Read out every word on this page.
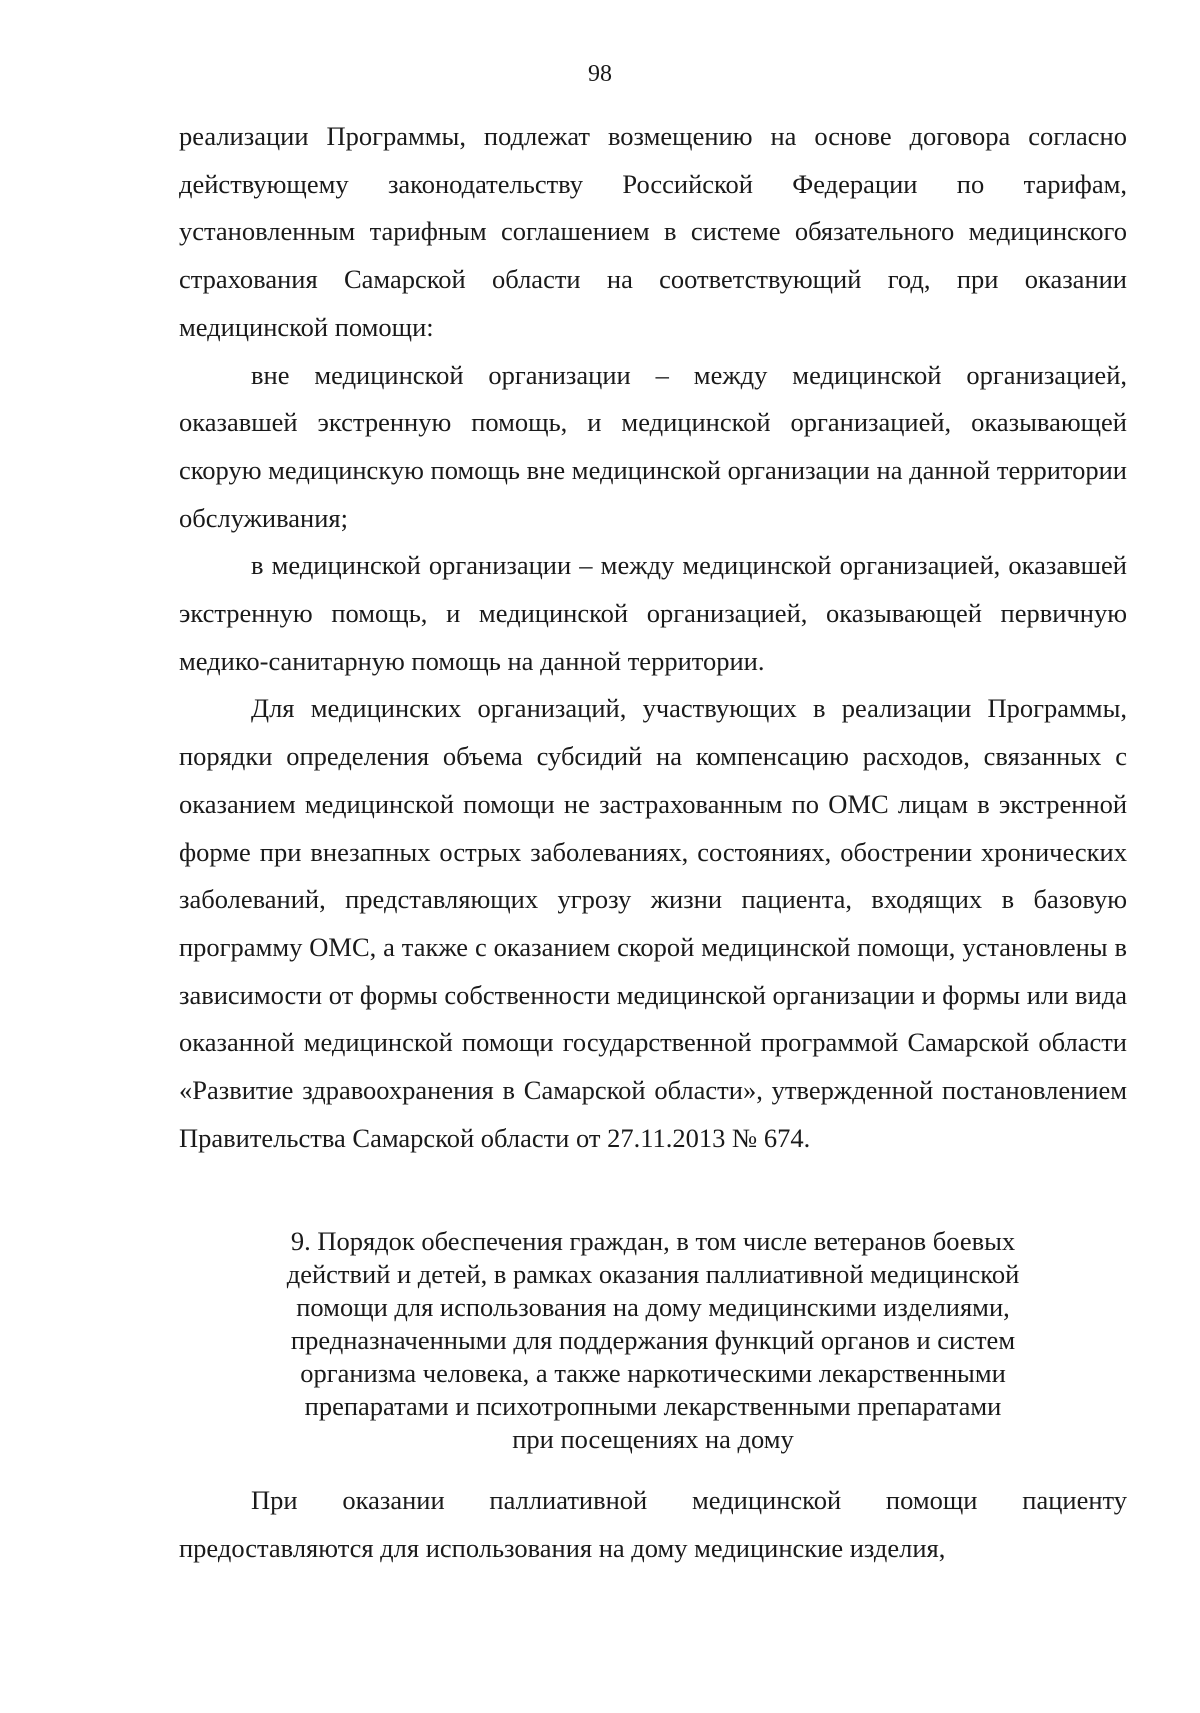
98

реализации Программы, подлежат возмещению на основе договора согласно действующему законодательству Российской Федерации по тарифам, установленным тарифным соглашением в системе обязательного медицинского страхования Самарской области на соответствующий год, при оказании медицинской помощи:

вне медицинской организации – между медицинской организацией, оказавшей экстренную помощь, и медицинской организацией, оказывающей скорую медицинскую помощь вне медицинской организации на данной территории обслуживания;

в медицинской организации – между медицинской организацией, оказавшей экстренную помощь, и медицинской организацией, оказывающей первичную медико-санитарную помощь на данной территории.

Для медицинских организаций, участвующих в реализации Программы, порядки определения объема субсидий на компенсацию расходов, связанных с оказанием медицинской помощи не застрахованным по ОМС лицам в экстренной форме при внезапных острых заболеваниях, состояниях, обострении хронических заболеваний, представляющих угрозу жизни пациента, входящих в базовую программу ОМС, а также с оказанием скорой медицинской помощи, установлены в зависимости от формы собственности медицинской организации и формы или вида оказанной медицинской помощи государственной программой Самарской области «Развитие здравоохранения в Самарской области», утвержденной постановлением Правительства Самарской области от 27.11.2013 № 674.

9. Порядок обеспечения граждан, в том числе ветеранов боевых
действий и детей, в рамках оказания паллиативной медицинской
помощи для использования на дому медицинскими изделиями,
предназначенными для поддержания функций органов и систем
организма человека, а также наркотическими лекарственными
препаратами и психотропными лекарственными препаратами
при посещениях на дому

При оказании паллиативной медицинской помощи пациенту предоставляются для использования на дому медицинские изделия,
